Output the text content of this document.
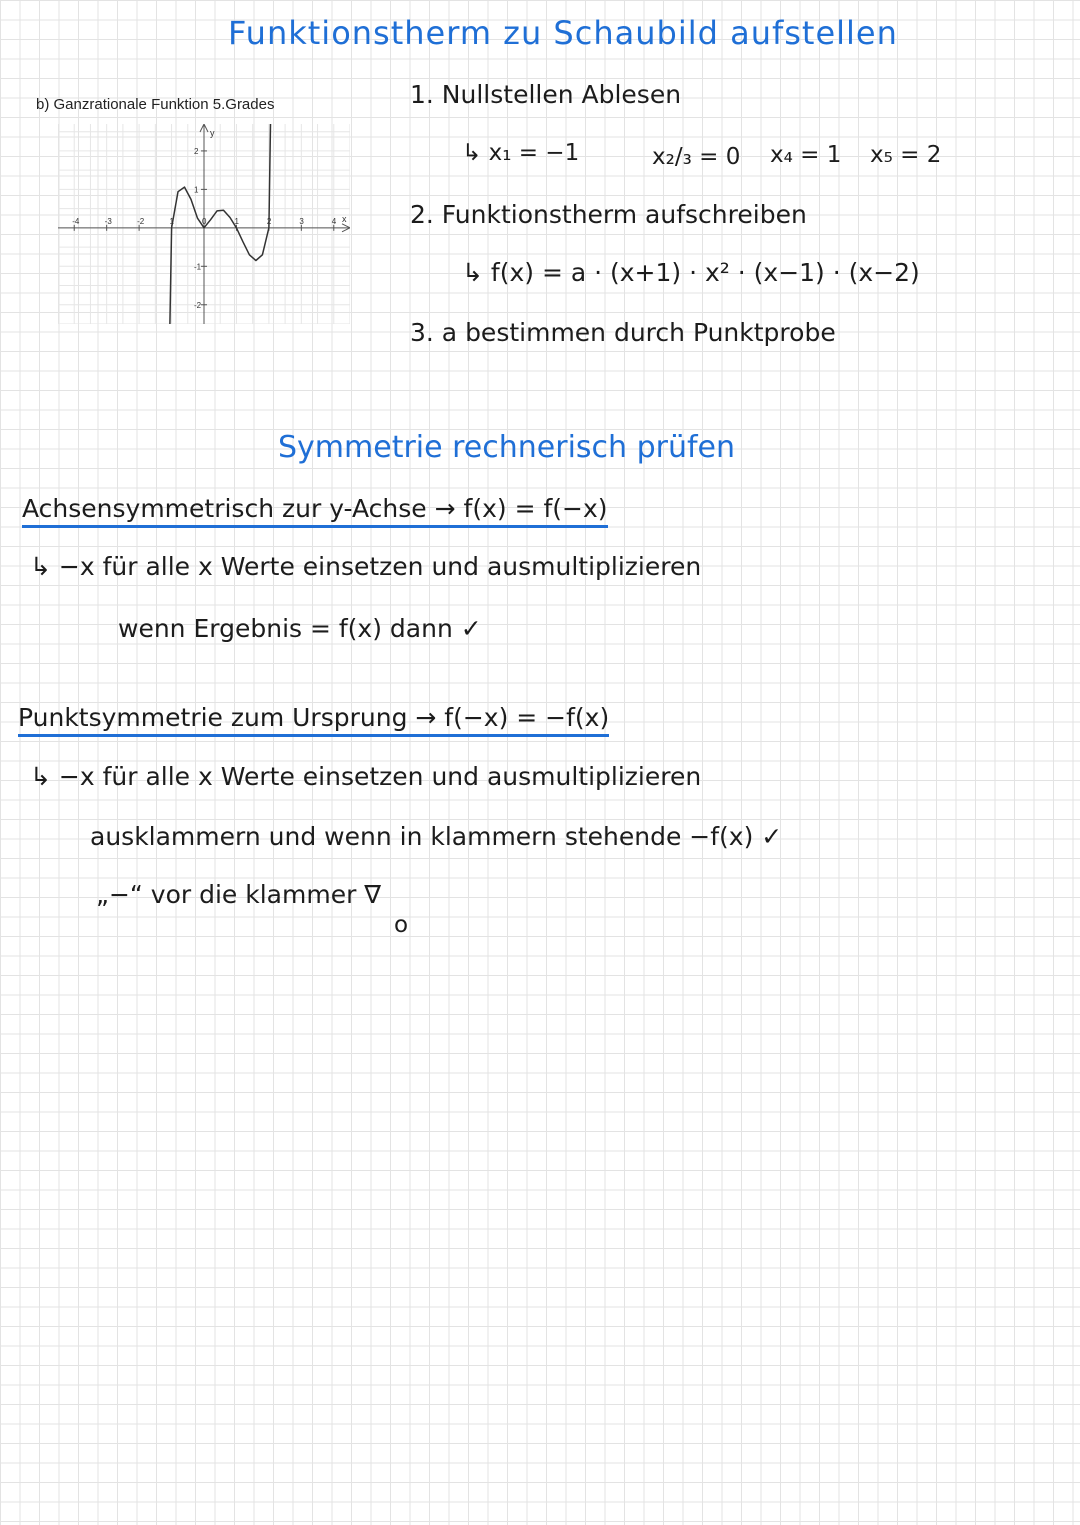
Funktionstherm zu Schaubild aufstellen
b) Ganzrationale Funktion 5.Grades
x
y
-4	-3	-2	1	0	1	2	3	4
-2
-1
1
2
1. Nullstellen Ablesen
↳ x₁ = −1	x₂/₃ = 0 x₄ = 1 x₅ = 2
2. Funktionstherm aufschreiben
↳ f(x) = a · (x+1) · x² · (x−1) · (x−2)
3. a bestimmen durch Punktprobe
Symmetrie rechnerisch prüfen
Achsensymmetrisch zur y-Achse → f(x) = f(−x)
↳ −x für alle x Werte einsetzen und ausmultiplizieren
wenn Ergebnis = f(x) dann ✓
Punktsymmetrie zum Ursprung → f(−x) = −f(x)
↳ −x für alle x Werte einsetzen und ausmultiplizieren
ausklammern und wenn in klammern stehende −f(x) ✓
„−“ vor die klammer ∇
o
